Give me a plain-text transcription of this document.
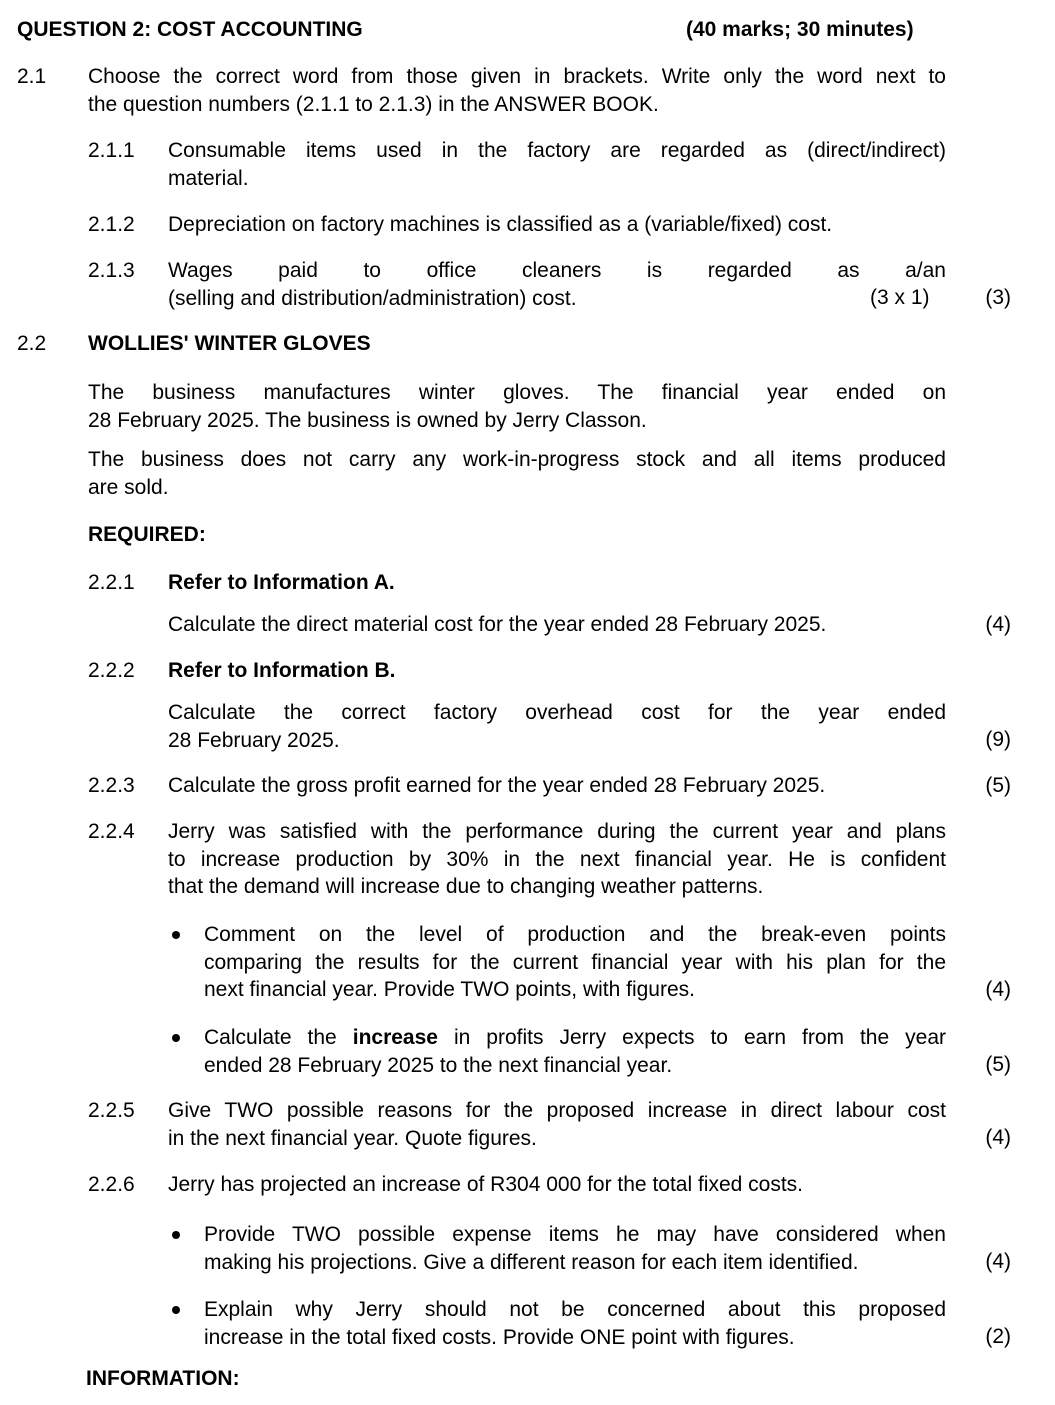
QUESTION 2: COST ACCOUNTING	(40 marks; 30 minutes)
2.1 Choose the correct word from those given in brackets. Write only the word next to
the question numbers (2.1.1 to 2.1.3) in the ANSWER BOOK.
2.1.1 Consumable items used in the factory are regarded as (direct/indirect)
material.
2.1.2 Depreciation on factory machines is classified as a (variable/fixed) cost.
2.1.3 Wages paid to office cleaners is regarded as a/an
(selling and distribution/administration) cost.	(3 x 1)	(3)
2.2 WOLLIES' WINTER GLOVES
The business manufactures winter gloves. The financial year ended on
28 February 2025. The business is owned by Jerry Classon.
The business does not carry any work-in-progress stock and all items produced
are sold.
REQUIRED:
2.2.1 Refer to Information A.
Calculate the direct material cost for the year ended 28 February 2025.	(4)
2.2.2 Refer to Information B.
Calculate the correct factory overhead cost for the year ended
28 February 2025.	(9)
2.2.3 Calculate the gross profit earned for the year ended 28 February 2025.	(5)
2.2.4 Jerry was satisfied with the performance during the current year and plans
to increase production by 30% in the next financial year. He is confident
that the demand will increase due to changing weather patterns.
Comment on the level of production and the break-even points
comparing the results for the current financial year with his plan for the
next financial year. Provide TWO points, with figures.	(4)
Calculate the increase in profits Jerry expects to earn from the year
ended 28 February 2025 to the next financial year.	(5)
2.2.5 Give TWO possible reasons for the proposed increase in direct labour cost
in the next financial year. Quote figures.	(4)
2.2.6 Jerry has projected an increase of R304 000 for the total fixed costs.
Provide TWO possible expense items he may have considered when
making his projections. Give a different reason for each item identified.	(4)
Explain why Jerry should not be concerned about this proposed
increase in the total fixed costs. Provide ONE point with figures.	(2)
INFORMATION:
